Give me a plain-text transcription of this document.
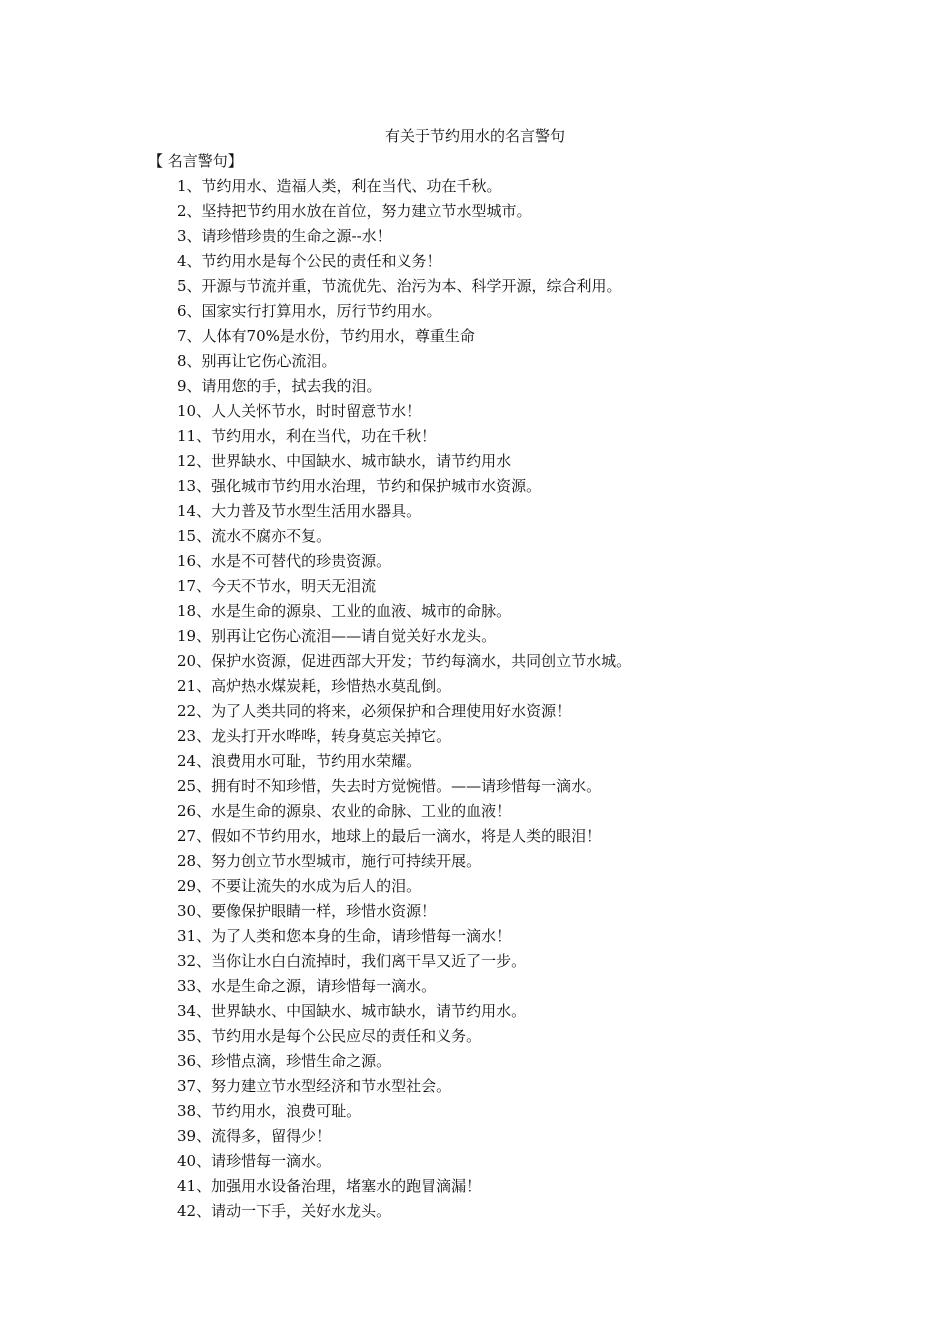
有关于节约用水的名言警句
【 名言警句】
1、节约用水、造福人类，利在当代、功在千秋。
2、坚持把节约用水放在首位，努力建立节水型城市。
3、请珍惜珍贵的生命之源--水！
4、节约用水是每个公民的责任和义务！
5、开源与节流并重，节流优先、治污为本、科学开源，综合利用。
6、国家实行打算用水，厉行节约用水。
7、人体有70%是水份，节约用水，尊重生命
8、别再让它伤心流泪。
9、请用您的手，拭去我的泪。
10、人人关怀节水，时时留意节水！
11、节约用水，利在当代，功在千秋！
12、世界缺水、中国缺水、城市缺水，请节约用水
13、强化城市节约用水治理，节约和保护城市水资源。
14、大力普及节水型生活用水器具。
15、流水不腐亦不复。
16、水是不可替代的珍贵资源。
17、今天不节水，明天无泪流
18、水是生命的源泉、工业的血液、城市的命脉。
19、别再让它伤心流泪——请自觉关好水龙头。
20、保护水资源，促进西部大开发；节约每滴水，共同创立节水城。
21、高炉热水煤炭耗，珍惜热水莫乱倒。
22、为了人类共同的将来，必须保护和合理使用好水资源！
23、龙头打开水哗哗，转身莫忘关掉它。
24、浪费用水可耻，节约用水荣耀。
25、拥有时不知珍惜，失去时方觉惋惜。——请珍惜每一滴水。
26、水是生命的源泉、农业的命脉、工业的血液！
27、假如不节约用水，地球上的最后一滴水，将是人类的眼泪！
28、努力创立节水型城市，施行可持续开展。
29、不要让流失的水成为后人的泪。
30、要像保护眼睛一样，珍惜水资源！
31、为了人类和您本身的生命，请珍惜每一滴水！
32、当你让水白白流掉时，我们离干旱又近了一步。
33、水是生命之源，请珍惜每一滴水。
34、世界缺水、中国缺水、城市缺水，请节约用水。
35、节约用水是每个公民应尽的责任和义务。
36、珍惜点滴，珍惜生命之源。
37、努力建立节水型经济和节水型社会。
38、节约用水，浪费可耻。
39、流得多，留得少！
40、请珍惜每一滴水。
41、加强用水设备治理，堵塞水的跑冒滴漏！
42、请动一下手，关好水龙头。
